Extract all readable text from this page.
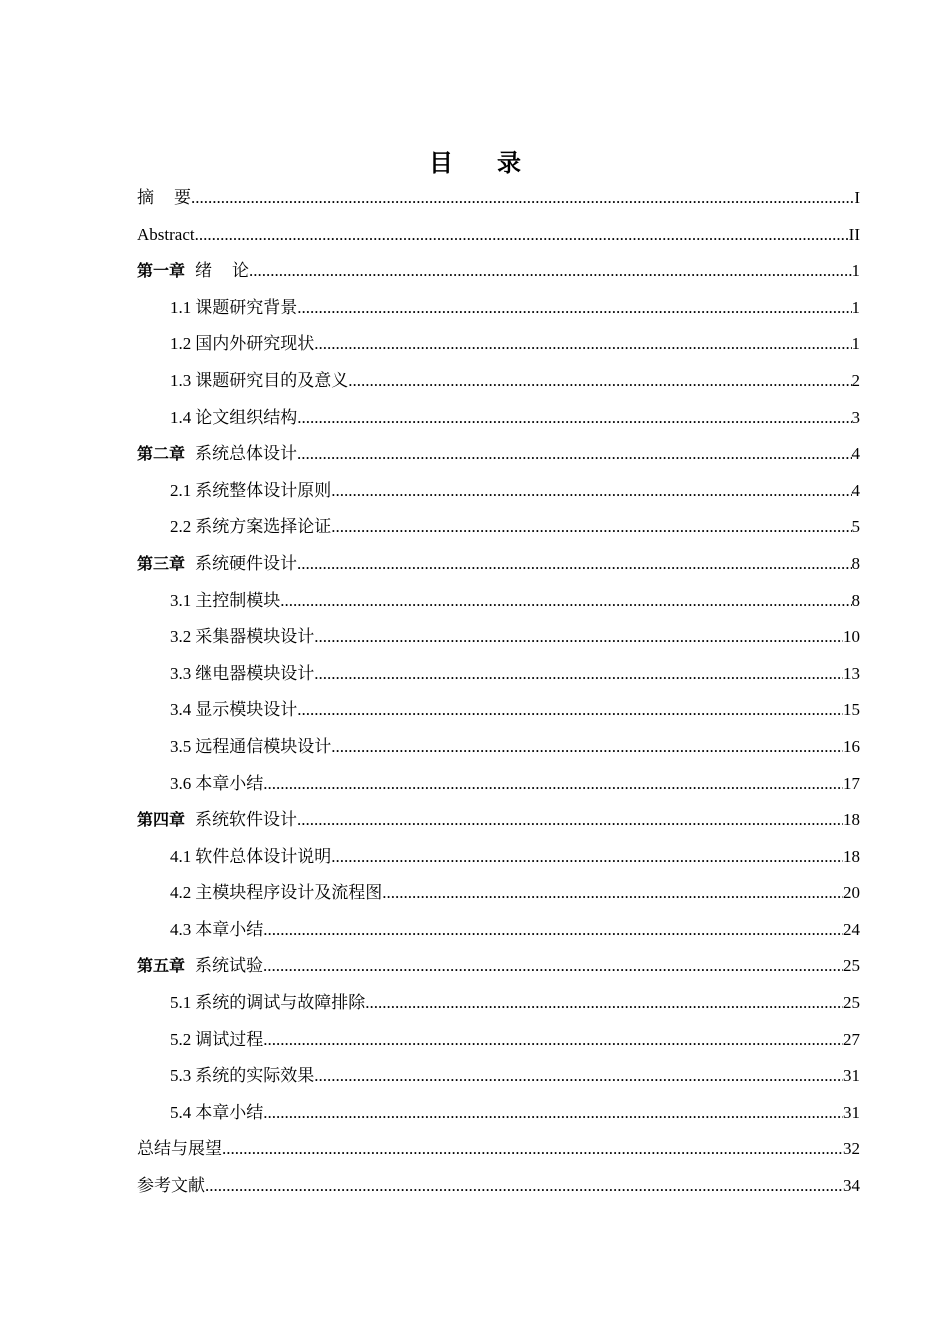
目 录
摘 要 .....	I
Abstract .....	II
第一章 绪 论 .....	1
1.1 课题研究背景 .....	1
1.2 国内外研究现状 .....	1
1.3 课题研究目的及意义 .....	2
1.4 论文组织结构 .....	3
第二章 系统总体设计 .....	4
2.1 系统整体设计原则 .....	4
2.2 系统方案选择论证 .....	5
第三章 系统硬件设计 .....	8
3.1 主控制模块 .....	8
3.2 采集器模块设计 .....	10
3.3 继电器模块设计 .....	13
3.4 显示模块设计 .....	15
3.5 远程通信模块设计 .....	16
3.6 本章小结 .....	17
第四章 系统软件设计 .....	18
4.1 软件总体设计说明 .....	18
4.2 主模块程序设计及流程图 .....	20
4.3 本章小结 .....	24
第五章 系统试验 .....	25
5.1 系统的调试与故障排除 .....	25
5.2 调试过程 .....	27
5.3 系统的实际效果 .....	31
5.4 本章小结 .....	31
总结与展望 .....	32
参考文献 .....	34
